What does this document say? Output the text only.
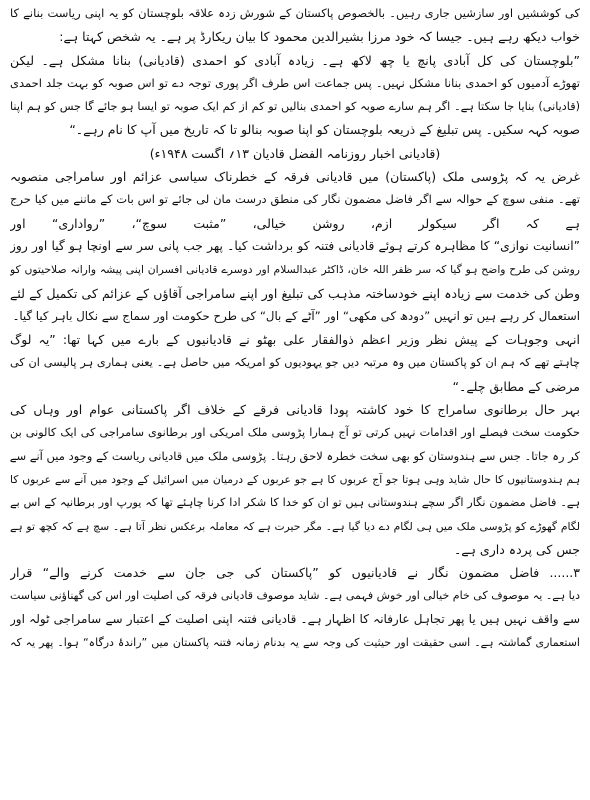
کی کوششیں اور سازشیں جاری رہیں۔ بالخصوص پاکستان کے شورش زدہ علاقہ بلوچستان کو یہ اپنی ریاست بنانے کا
خواب دیکھ رہے ہیں۔ جیسا کہ خود مرزا بشیرالدین محمود کا بیان ریکارڈ پر ہے۔ یہ شخص کہتا ہے:
”بلوچستان کی کل آبادی پانچ یا چھ لاکھ ہے۔ زیادہ آبادی کو احمدی (قادیانی) بنانا مشکل ہے۔ لیکن
تھوڑے آدمیوں کو احمدی بنانا مشکل نہیں۔ پس جماعت اس طرف اگر پوری توجہ دے تو اس صوبہ کو بہت جلد احمدی
(قادیانی) بنایا جا سکتا ہے۔ اگر ہم سارے صوبہ کو احمدی بنالیں تو کم از کم ایک صوبہ تو ایسا ہو جائے گا جس کو ہم اپنا
صوبہ کہہ سکیں۔ پس تبلیغ کے ذریعہ بلوچستان کو اپنا صوبہ بنالو تا کہ تاریخ میں آپ کا نام رہے۔“
(قادیانی اخبار روزنامہ الفضل قادیان ۱۳؍ اگست ۱۹۴۸ء)
غرض یہ کہ پڑوسی ملک (پاکستان) میں قادیانی فرقہ کے خطرناک سیاسی عزائم اور سامراجی منصوبہ
تھے۔ منفی سوچ کے حوالہ سے اگر فاضل مضمون نگار کی منطق درست مان لی جائے تو اس بات کے ماننے میں کیا حرج
ہے کہ اگر سیکولر ازم، روشن خیالی، ”مثبت سوچ“، ”رواداری“ اور
”انسانیت نوازی“ کا مظاہرہ کرتے ہوئے قادیانی فتنہ کو برداشت کیا۔ پھر جب پانی سر سے اونچا ہو گیا اور روز
روشن کی طرح واضح ہو گیا کہ سر ظفر اللہ خان، ڈاکٹر عبدالسلام اور دوسرے قادیانی افسران اپنی پیشہ وارانہ صلاحیتوں کو
وطن کی خدمت سے زیادہ اپنے خودساختہ مذہب کی تبلیغ اور اپنے سامراجی آقاؤں کے عزائم کی تکمیل کے لئے
استعمال کر رہے ہیں تو انہیں ”دودھ کی مکھی“ اور ”آٹے کے بال“ کی طرح حکومت اور سماج سے نکال باہر کیا گیا۔
انہی وجوہات کے پیش نظر وزیر اعظم ذوالفقار علی بھٹو نے قادیانیوں کے بارے میں کہا تھا: ”یہ لوگ
چاہتے تھے کہ ہم ان کو پاکستان میں وہ مرتبہ دیں جو یہودیوں کو امریکہ میں حاصل ہے۔ یعنی ہماری ہر پالیسی ان کی
مرضی کے مطابق چلے۔“
بہر حال برطانوی سامراج کا خود کاشتہ پودا قادیانی فرقے کے خلاف اگر پاکستانی عوام اور وہاں کی
حکومت سخت فیصلے اور اقدامات نہیں کرتی تو آج ہمارا پڑوسی ملک امریکی اور برطانوی سامراجی کی ایک کالونی بن
کر رہ جاتا۔ جس سے ہندوستان کو بھی سخت خطرہ لاحق رہتا۔ پڑوسی ملک میں قادیانی ریاست کے وجود میں آنے سے
ہم ہندوستانیوں کا حال شاید وہی ہوتا جو آج عربوں کا ہے جو عربوں کے درمیان میں اسرائیل کے وجود میں آنے سے عربوں کا
ہے۔ فاضل مضمون نگار اگر سچے ہندوستانی ہیں تو ان کو خدا کا شکر ادا کرنا چاہئے تھا کہ یورپ اور برطانیہ کے اس بے
لگام گھوڑے کو پڑوسی ملک میں ہی لگام دے دیا گیا ہے۔ مگر حیرت ہے کہ معاملہ برعکس نظر آتا ہے۔ سچ ہے کہ کچھ تو ہے
جس کی پردہ داری ہے۔
۳...... فاضل مضمون نگار نے قادیانیوں کو ”پاکستان کی جی جان سے خدمت کرنے والے“ قرار
دیا ہے۔ یہ موصوف کی خام خیالی اور خوش فہمی ہے۔ شاید موصوف قادیانی فرقہ کی اصلیت اور اس کی گھناؤنی سیاست
سے واقف نہیں ہیں یا پھر تجاہل عارفانہ کا اظہار ہے۔ قادیانی فتنہ اپنی اصلیت کے اعتبار سے سامراجی ٹولہ اور
استعماری گماشتہ ہے۔ اسی حقیقت اور حیثیت کی وجہ سے یہ بدنام زمانہ فتنہ پاکستان میں ”راندۂ درگاہ“ ہوا۔ پھر یہ کہ
